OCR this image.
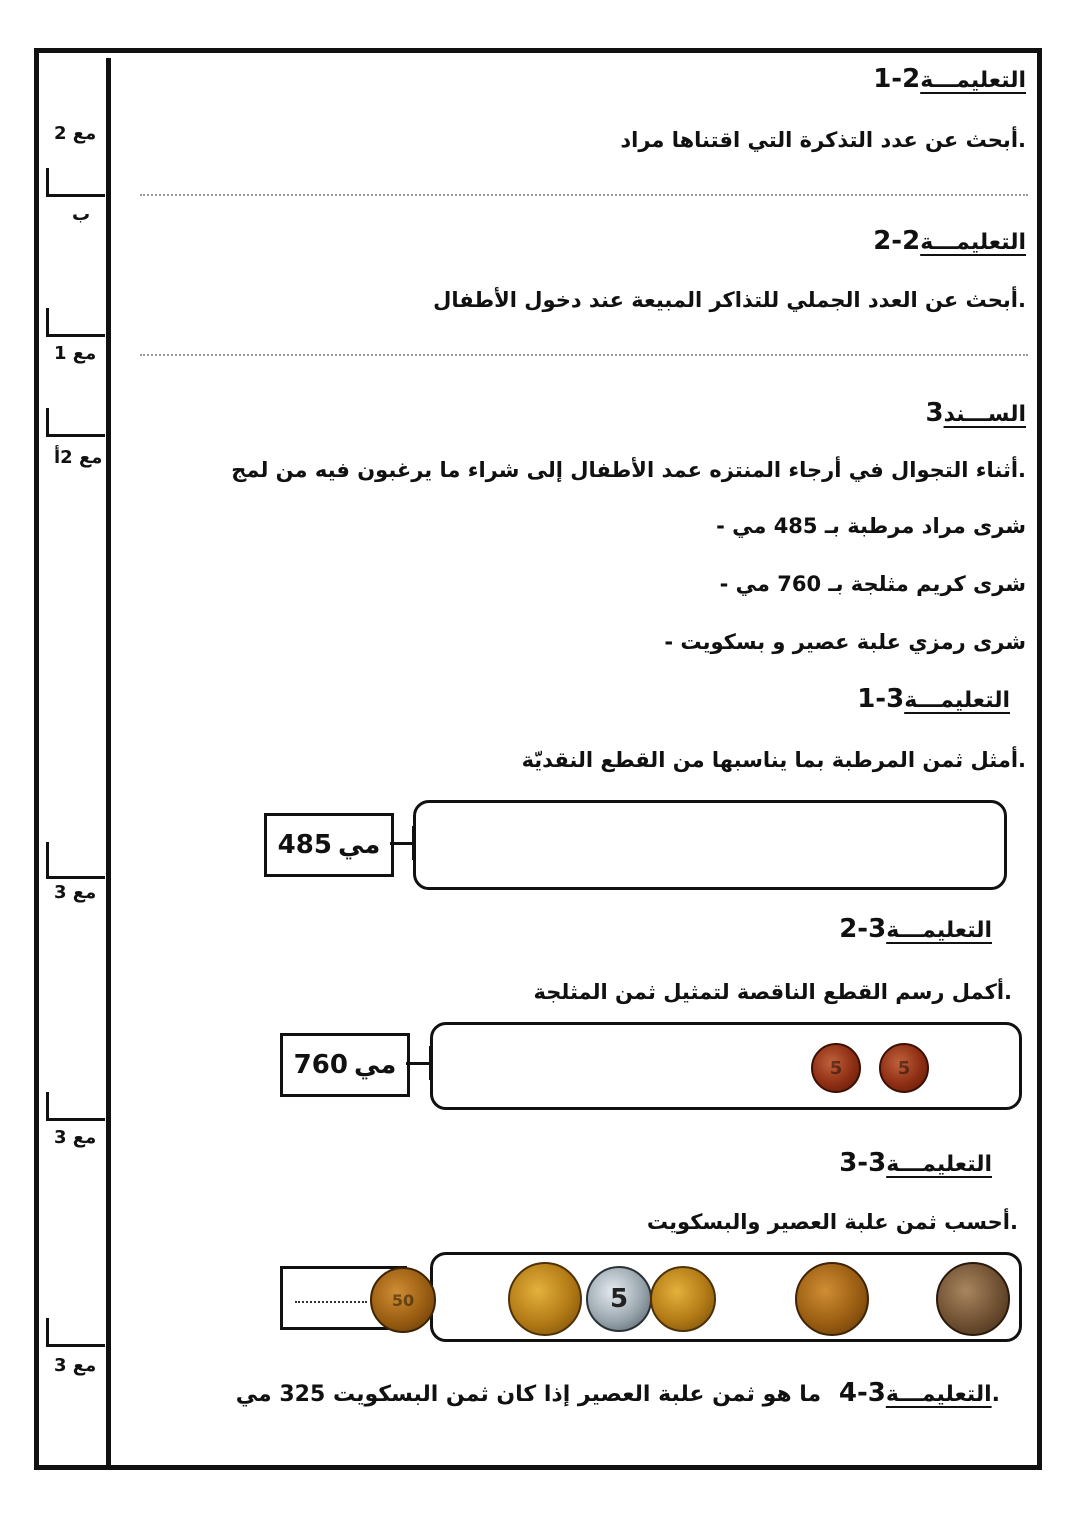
مع 2
ب
مع 1
مع 2أ
مع 3
مع 3
مع 3
التعليمـــة2-1
.أبحث عن عدد التذكرة التي اقتناها مراد
التعليمـــة2-2
.أبحث عن العدد الجملي للتذاكر المبيعة عند دخول الأطفال
الســـند3
.أثناء التجوال في أرجاء المنتزه عمد الأطفال إلى شراء ما يرغبون فيه من لمج
شرى مراد مرطبة بـ 485 مي -
شرى كريم مثلجة بـ 760 مي -
شرى رمزي علبة عصير و بسكويت -
التعليمـــة3-1
.أمثل ثمن المرطبة بما يناسبها من القطع النقديّة
مي
485
التعليمـــة3-2
.أكمل رسم القطع الناقصة لتمثيل ثمن المثلجة
مي
760	5	5
التعليمـــة3-3
.أحسب ثمن علبة العصير والبسكويت
50	5
.التعليمـــة3-4 ما هو ثمن علبة العصير إذا كان ثمن البسكويت 325 مي
